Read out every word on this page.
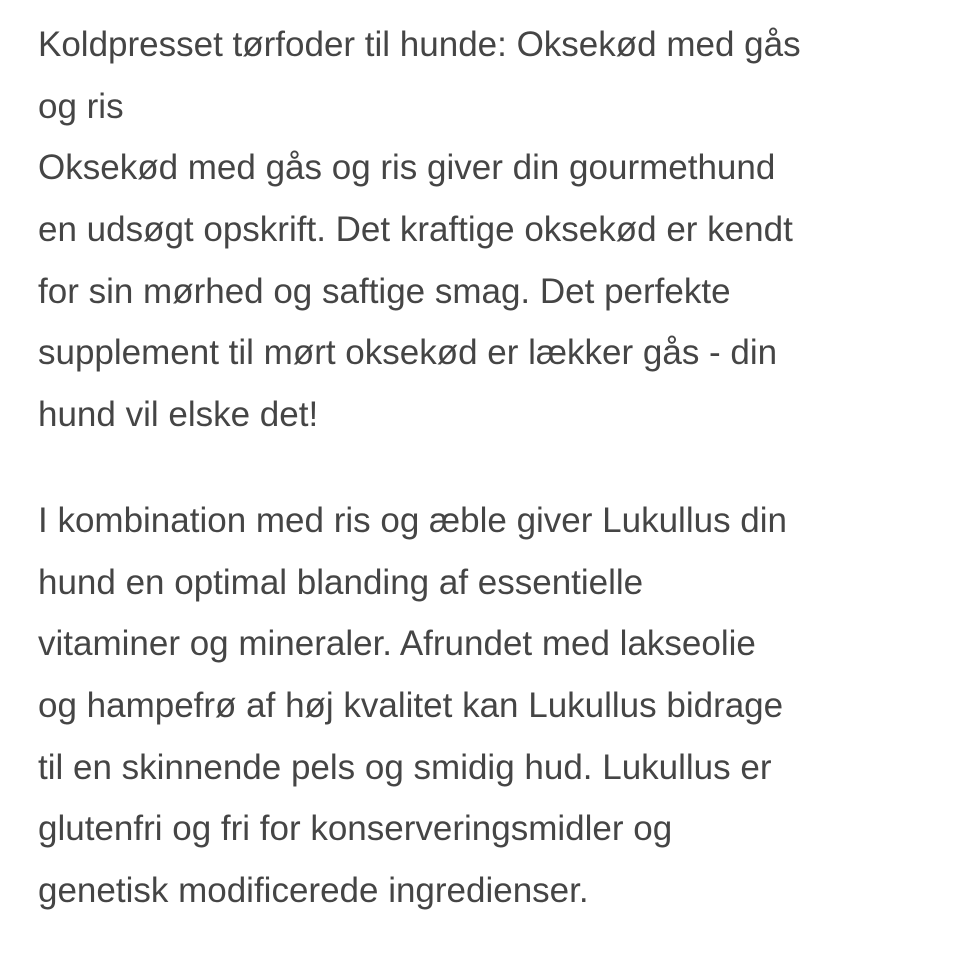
Koldpresset tørfoder til hunde: Oksekød med gås
og ris
Oksekød med gås og ris giver din gourmethund
en udsøgt opskrift. Det kraftige oksekød er kendt
for sin mørhed og saftige smag. Det perfekte
supplement til mørt oksekød er lækker gås - din
hund vil elske det!
I kombination med ris og æble giver Lukullus din
hund en optimal blanding af essentielle
vitaminer og mineraler. Afrundet med lakseolie
og hampefrø af høj kvalitet kan Lukullus bidrage
til en skinnende pels og smidig hud. Lukullus er
glutenfri og fri for konserveringsmidler og
genetisk modificerede ingredienser.
